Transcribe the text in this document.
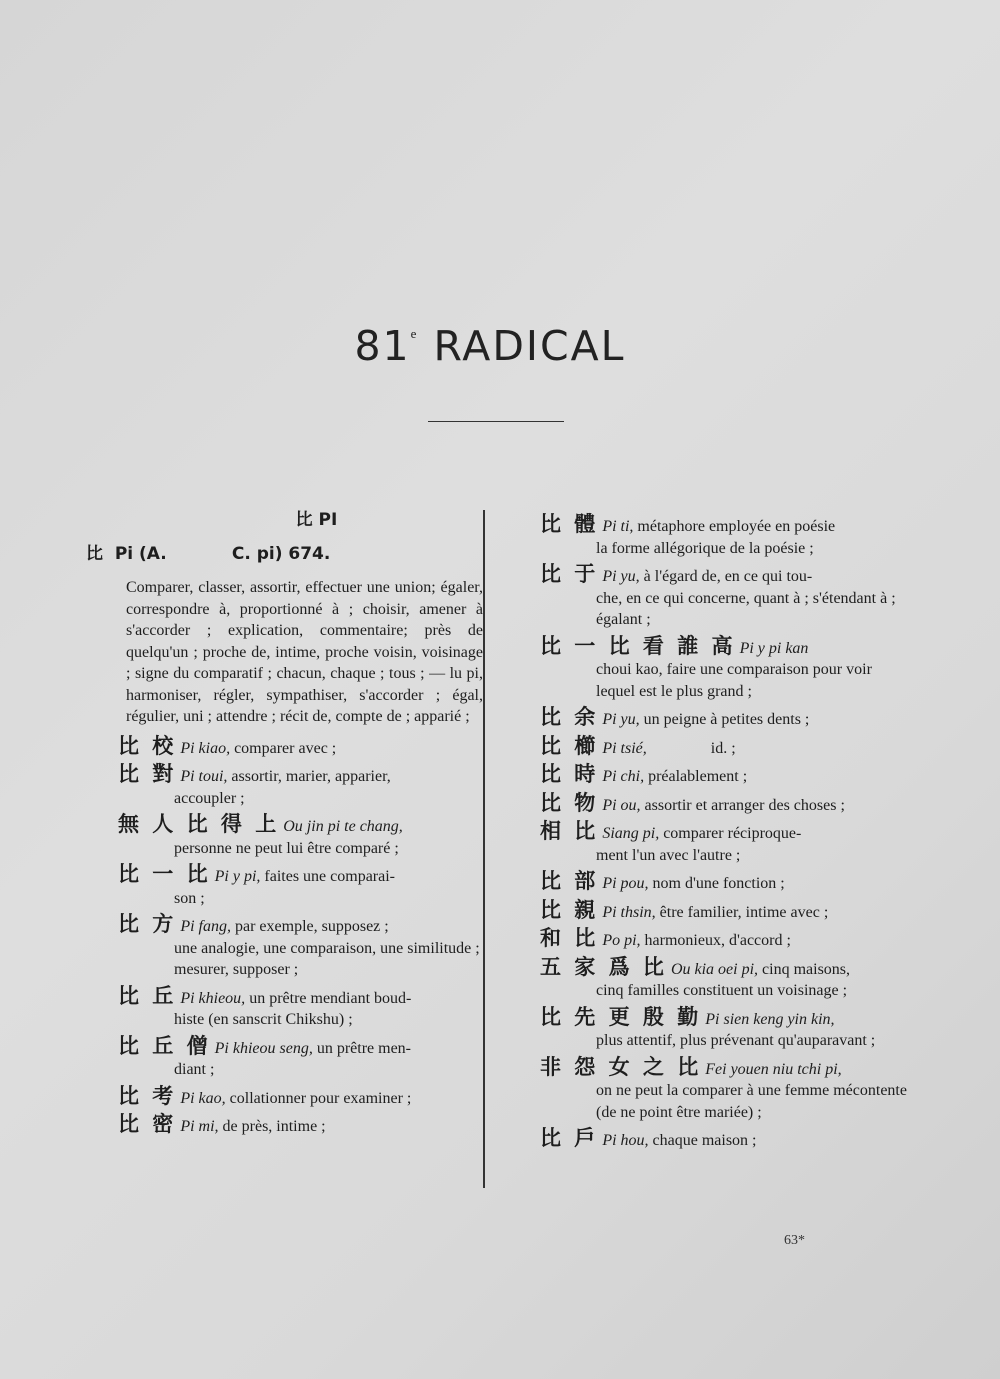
81e RADICAL
比 PI
比  Pi (A.           C. pi) 674.
Comparer, classer, assortir, effectuer une union; égaler, correspondre à, proportionné à ; choisir, amener à s'accorder ; explication, commentaire; près de quelqu'un ; proche de, intime, proche voisin, voisinage ; signe du comparatif ; chacun, chaque ; tous ; — lu pi, harmoniser, régler, sympathiser, s'accorder ; égal, régulier, uni ; attendre ; récit de, compte de ; apparié ;
比 校 Pi kiao, comparer avec ;
比 對 Pi toui, assortir, marier, apparier,
accoupler ;
無 人 比 得 上 Ou jin pi te chang,
personne ne peut lui être comparé ;
比 一 比 Pi y pi, faites une comparai-
son ;
比 方 Pi fang, par exemple, supposez ;
une analogie, une comparaison, une similitude ; mesurer, supposer ;
比 丘 Pi khieou, un prêtre mendiant boud-
histe (en sanscrit Chikshu) ;
比 丘 僧 Pi khieou seng, un prêtre men-
diant ;
比 考 Pi kao, collationner pour examiner ;
比 密 Pi mi, de près, intime ;
比 體 Pi ti, métaphore employée en poésie
la forme allégorique de la poésie ;
比 于 Pi yu, à l'égard de, en ce qui tou-
che, en ce qui concerne, quant à ; s'étendant à ; égalant ;
比 一 比 看 誰 高 Pi y pi kan
choui kao, faire une comparaison pour voir lequel est le plus grand ;
比 余 Pi yu, un peigne à petites dents ;
比 櫛 Pi tsié,                id. ;
比 時 Pi chi, préalablement ;
比 物 Pi ou, assortir et arranger des choses ;
相 比 Siang pi, comparer réciproque-
ment l'un avec l'autre ;
比 部 Pi pou, nom d'une fonction ;
比 親 Pi thsin, être familier, intime avec ;
和 比 Po pi, harmonieux, d'accord ;
五 家 爲 比 Ou kia oei pi, cinq maisons,
cinq familles constituent un voisinage ;
比 先 更 殷 勤 Pi sien keng yin kin,
plus attentif, plus prévenant qu'auparavant ;
非 怨 女 之 比 Fei youen niu tchi pi,
on ne peut la comparer à une femme mécontente (de ne point être mariée) ;
比 戶 Pi hou, chaque maison ;
63*
